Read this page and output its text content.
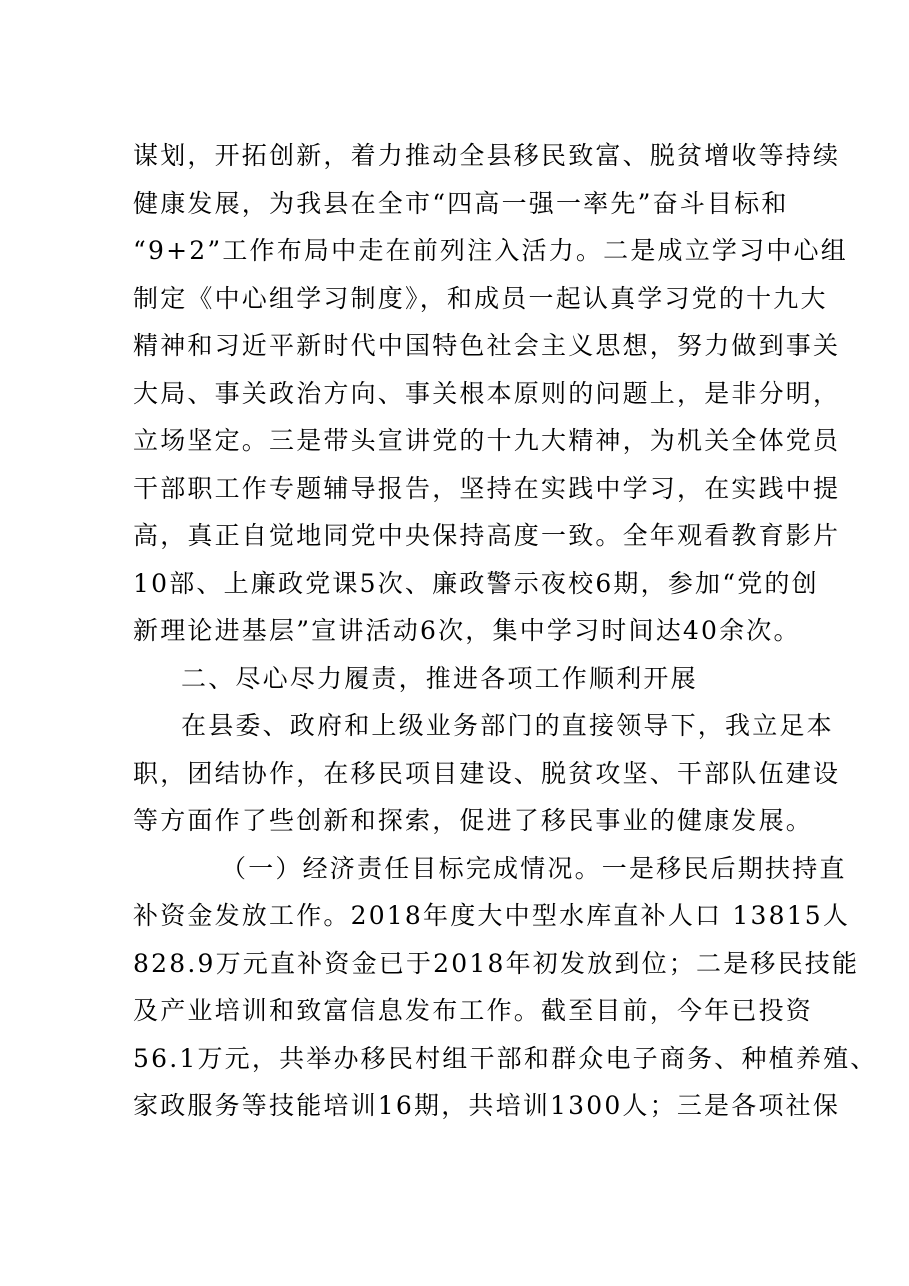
谋划，开拓创新，着力推动全县移民致富、脱贫增收等持续
健康发展，为我县在全市“四高一强一率先”奋斗目标和
“9+2”工作布局中走在前列注入活力。二是成立学习中心组
制定《中心组学习制度》，和成员一起认真学习党的十九大
精神和习近平新时代中国特色社会主义思想，努力做到事关
大局、事关政治方向、事关根本原则的问题上，是非分明，
立场坚定。三是带头宣讲党的十九大精神，为机关全体党员
干部职工作专题辅导报告，坚持在实践中学习，在实践中提
高，真正自觉地同党中央保持高度一致。全年观看教育影片
10部、上廉政党课5次、廉政警示夜校6期，参加“党的创
新理论进基层”宣讲活动6次，集中学习时间达40余次。
二、尽心尽力履责，推进各项工作顺利开展
在县委、政府和上级业务部门的直接领导下，我立足本
职，团结协作，在移民项目建设、脱贫攻坚、干部队伍建设
等方面作了些创新和探索，促进了移民事业的健康发展。
（一）经济责任目标完成情况。一是移民后期扶持直
补资金发放工作。2018年度大中型水库直补人口 13815人
828.9万元直补资金已于2018年初发放到位；二是移民技能
及产业培训和致富信息发布工作。截至目前，今年已投资
56.1万元，共举办移民村组干部和群众电子商务、种植养殖、
家政服务等技能培训16期，共培训1300人；三是各项社保
